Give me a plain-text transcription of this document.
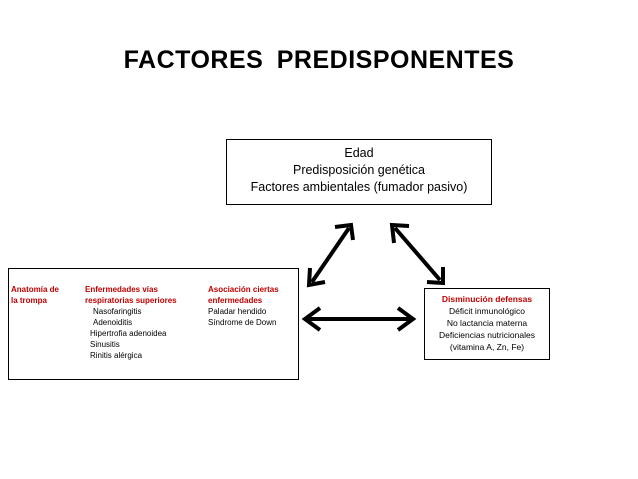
FACTORES PREDISPONENTES
Edad
Predisposición genética
Factores ambientales (fumador pasivo)
Anatomía de
la trompa
Enfermedades vías
respiratorias superiores
Nasofaringitis
Adenoiditis
Hipertrofia adenoidea
Sinusitis
Rinitis alérgica
Asociación ciertas
enfermedades
Paladar hendido
Síndrome de Down
Disminución defensas
Déficit inmunológico
No lactancia materna
Deficiencias nutricionales
(vitamina A, Zn, Fe)
